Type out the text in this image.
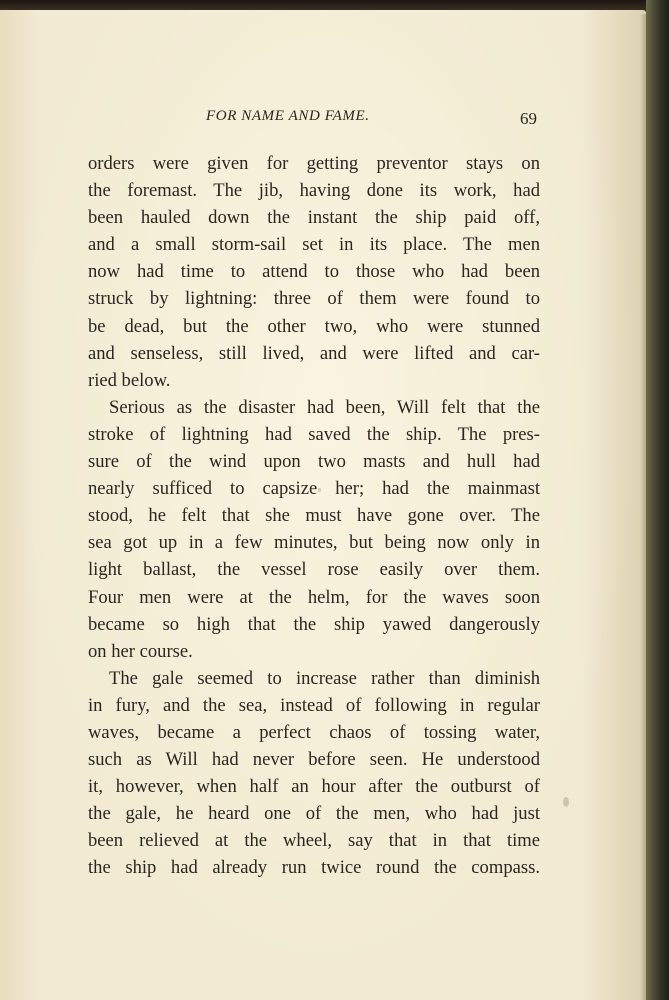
FOR NAME AND FAME.	69
orders were given for getting preventor stays on
the foremast. The jib, having done its work, had
been hauled down the instant the ship paid off,
and a small storm-sail set in its place. The men
now had time to attend to those who had been
struck by lightning: three of them were found to
be dead, but the other two, who were stunned
and senseless, still lived, and were lifted and car-
ried below.
Serious as the disaster had been, Will felt that the
stroke of lightning had saved the ship. The pres-
sure of the wind upon two masts and hull had
nearly sufficed to capsize her; had the mainmast
stood, he felt that she must have gone over. The
sea got up in a few minutes, but being now only in
light ballast, the vessel rose easily over them.
Four men were at the helm, for the waves soon
became so high that the ship yawed dangerously
on her course.
The gale seemed to increase rather than diminish
in fury, and the sea, instead of following in regular
waves, became a perfect chaos of tossing water,
such as Will had never before seen. He understood
it, however, when half an hour after the outburst of
the gale, he heard one of the men, who had just
been relieved at the wheel, say that in that time
the ship had already run twice round the compass.
